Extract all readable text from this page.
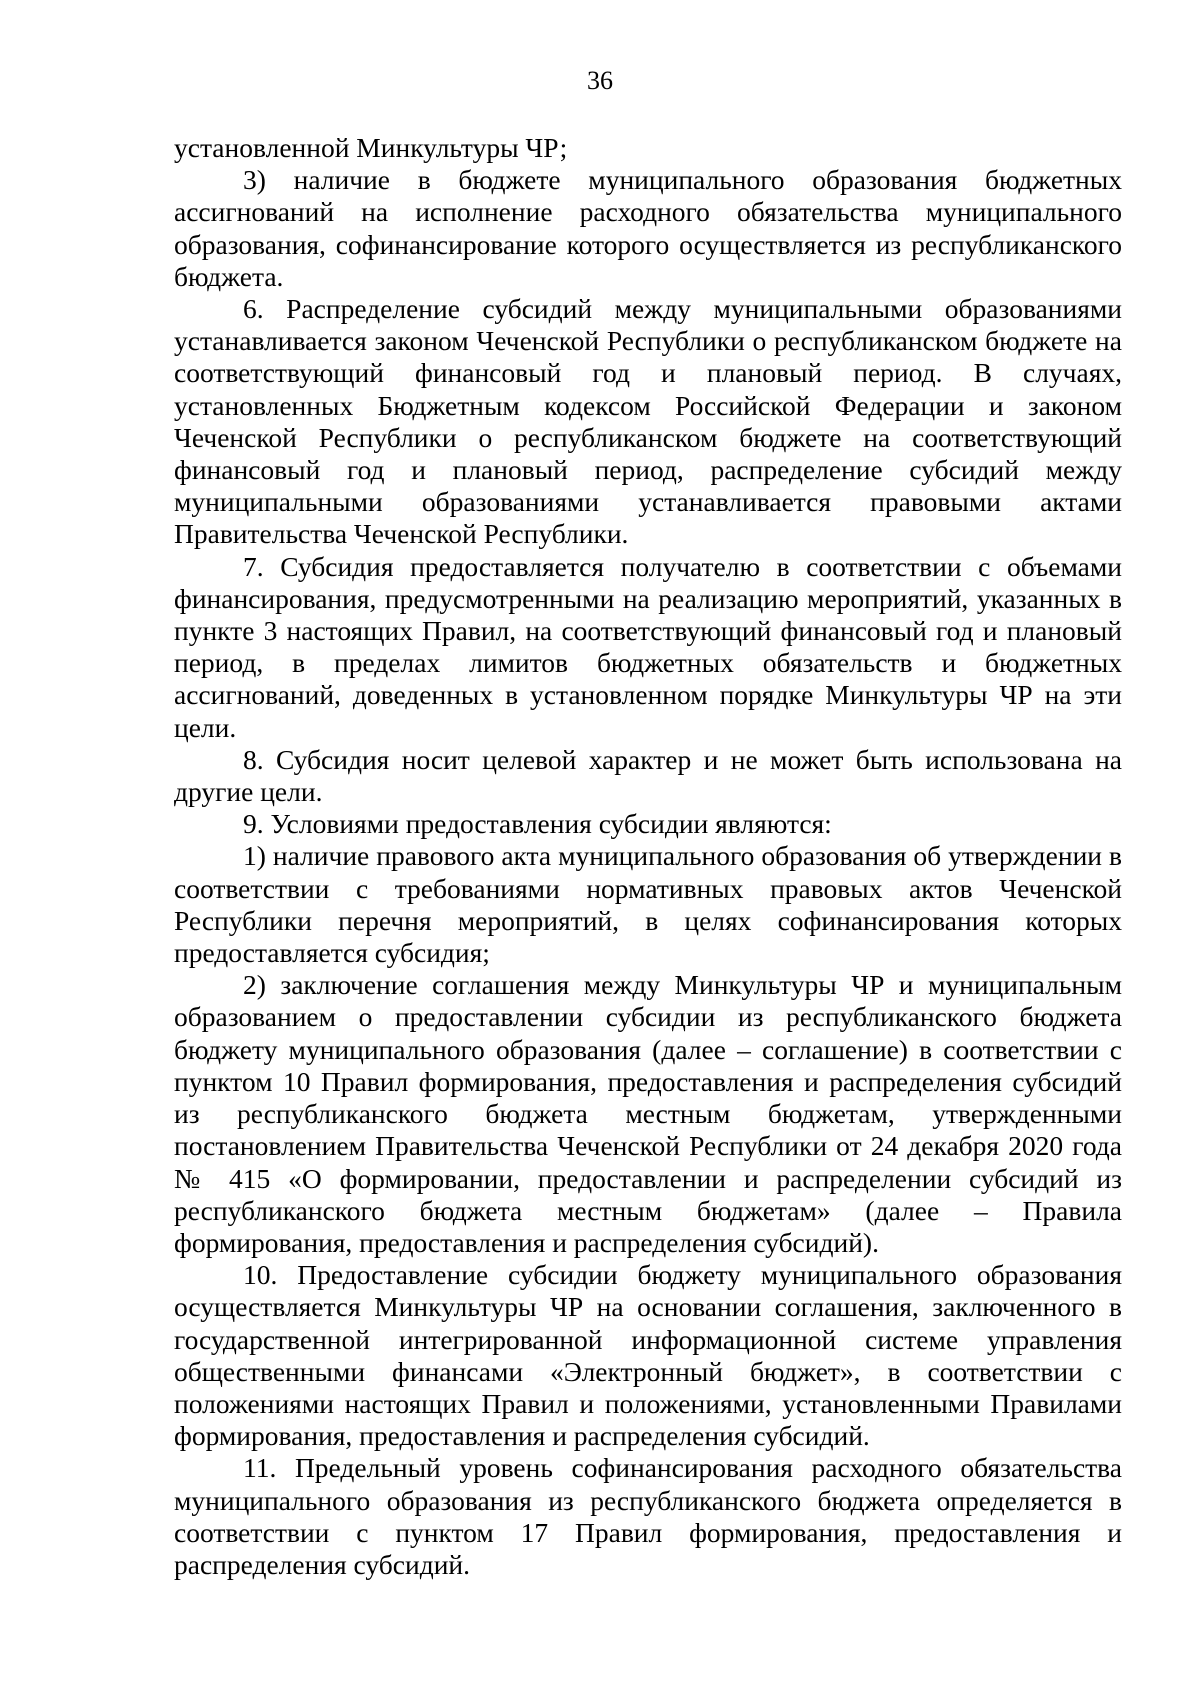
36

установленной Минкультуры ЧР;

3) наличие в бюджете муниципального образования бюджетных ассигнований на исполнение расходного обязательства муниципального образования, софинансирование которого осуществляется из республиканского бюджета.

6. Распределение субсидий между муниципальными образованиями устанавливается законом Чеченской Республики о республиканском бюджете на соответствующий финансовый год и плановый период. В случаях, установленных Бюджетным кодексом Российской Федерации и законом Чеченской Республики о республиканском бюджете на соответствующий финансовый год и плановый период, распределение субсидий между муниципальными образованиями устанавливается правовыми актами Правительства Чеченской Республики.

7. Субсидия предоставляется получателю в соответствии с объемами финансирования, предусмотренными на реализацию мероприятий, указанных в пункте 3 настоящих Правил, на соответствующий финансовый год и плановый период, в пределах лимитов бюджетных обязательств и бюджетных ассигнований, доведенных в установленном порядке Минкультуры ЧР на эти цели.

8. Субсидия носит целевой характер и не может быть использована на другие цели.

9. Условиями предоставления субсидии являются:

1) наличие правового акта муниципального образования об утверждении в соответствии с требованиями нормативных правовых актов Чеченской Республики перечня мероприятий, в целях софинансирования которых предоставляется субсидия;

2) заключение соглашения между Минкультуры ЧР и муниципальным образованием о предоставлении субсидии из республиканского бюджета бюджету муниципального образования (далее – соглашение) в соответствии с пунктом 10 Правил формирования, предоставления и распределения субсидий из республиканского бюджета местным бюджетам, утвержденными постановлением Правительства Чеченской Республики от 24 декабря 2020 года № 415 «О формировании, предоставлении и распределении субсидий из республиканского бюджета местным бюджетам» (далее – Правила формирования, предоставления и распределения субсидий).

10. Предоставление субсидии бюджету муниципального образования осуществляется Минкультуры ЧР на основании соглашения, заключенного в государственной интегрированной информационной системе управления общественными финансами «Электронный бюджет», в соответствии с положениями настоящих Правил и положениями, установленными Правилами формирования, предоставления и распределения субсидий.

11. Предельный уровень софинансирования расходного обязательства муниципального образования из республиканского бюджета определяется в соответствии с пунктом 17 Правил формирования, предоставления и распределения субсидий.
